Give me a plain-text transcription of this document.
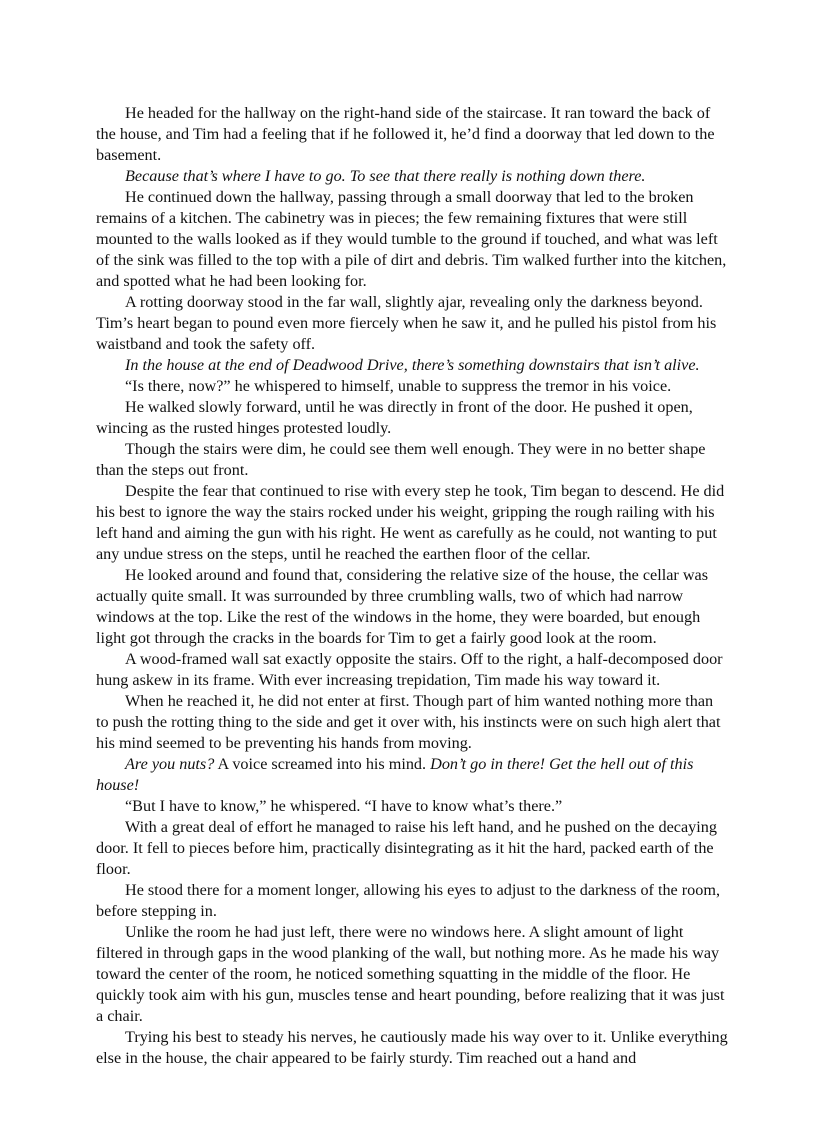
He headed for the hallway on the right-hand side of the staircase. It ran toward the back of the house, and Tim had a feeling that if he followed it, he’d find a doorway that led down to the basement.

Because that’s where I have to go. To see that there really is nothing down there.

He continued down the hallway, passing through a small doorway that led to the broken remains of a kitchen. The cabinetry was in pieces; the few remaining fixtures that were still mounted to the walls looked as if they would tumble to the ground if touched, and what was left of the sink was filled to the top with a pile of dirt and debris. Tim walked further into the kitchen, and spotted what he had been looking for.

A rotting doorway stood in the far wall, slightly ajar, revealing only the darkness beyond. Tim’s heart began to pound even more fiercely when he saw it, and he pulled his pistol from his waistband and took the safety off.

In the house at the end of Deadwood Drive, there’s something downstairs that isn’t alive.

“Is there, now?” he whispered to himself, unable to suppress the tremor in his voice.

He walked slowly forward, until he was directly in front of the door. He pushed it open, wincing as the rusted hinges protested loudly.

Though the stairs were dim, he could see them well enough. They were in no better shape than the steps out front.

Despite the fear that continued to rise with every step he took, Tim began to descend. He did his best to ignore the way the stairs rocked under his weight, gripping the rough railing with his left hand and aiming the gun with his right. He went as carefully as he could, not wanting to put any undue stress on the steps, until he reached the earthen floor of the cellar.

He looked around and found that, considering the relative size of the house, the cellar was actually quite small. It was surrounded by three crumbling walls, two of which had narrow windows at the top. Like the rest of the windows in the home, they were boarded, but enough light got through the cracks in the boards for Tim to get a fairly good look at the room.

A wood-framed wall sat exactly opposite the stairs. Off to the right, a half-decomposed door hung askew in its frame. With ever increasing trepidation, Tim made his way toward it.

When he reached it, he did not enter at first. Though part of him wanted nothing more than to push the rotting thing to the side and get it over with, his instincts were on such high alert that his mind seemed to be preventing his hands from moving.

Are you nuts? A voice screamed into his mind. Don’t go in there! Get the hell out of this house!

“But I have to know,” he whispered. “I have to know what’s there.”

With a great deal of effort he managed to raise his left hand, and he pushed on the decaying door. It fell to pieces before him, practically disintegrating as it hit the hard, packed earth of the floor.

He stood there for a moment longer, allowing his eyes to adjust to the darkness of the room, before stepping in.

Unlike the room he had just left, there were no windows here. A slight amount of light filtered in through gaps in the wood planking of the wall, but nothing more. As he made his way toward the center of the room, he noticed something squatting in the middle of the floor. He quickly took aim with his gun, muscles tense and heart pounding, before realizing that it was just a chair.

Trying his best to steady his nerves, he cautiously made his way over to it. Unlike everything else in the house, the chair appeared to be fairly sturdy. Tim reached out a hand and
